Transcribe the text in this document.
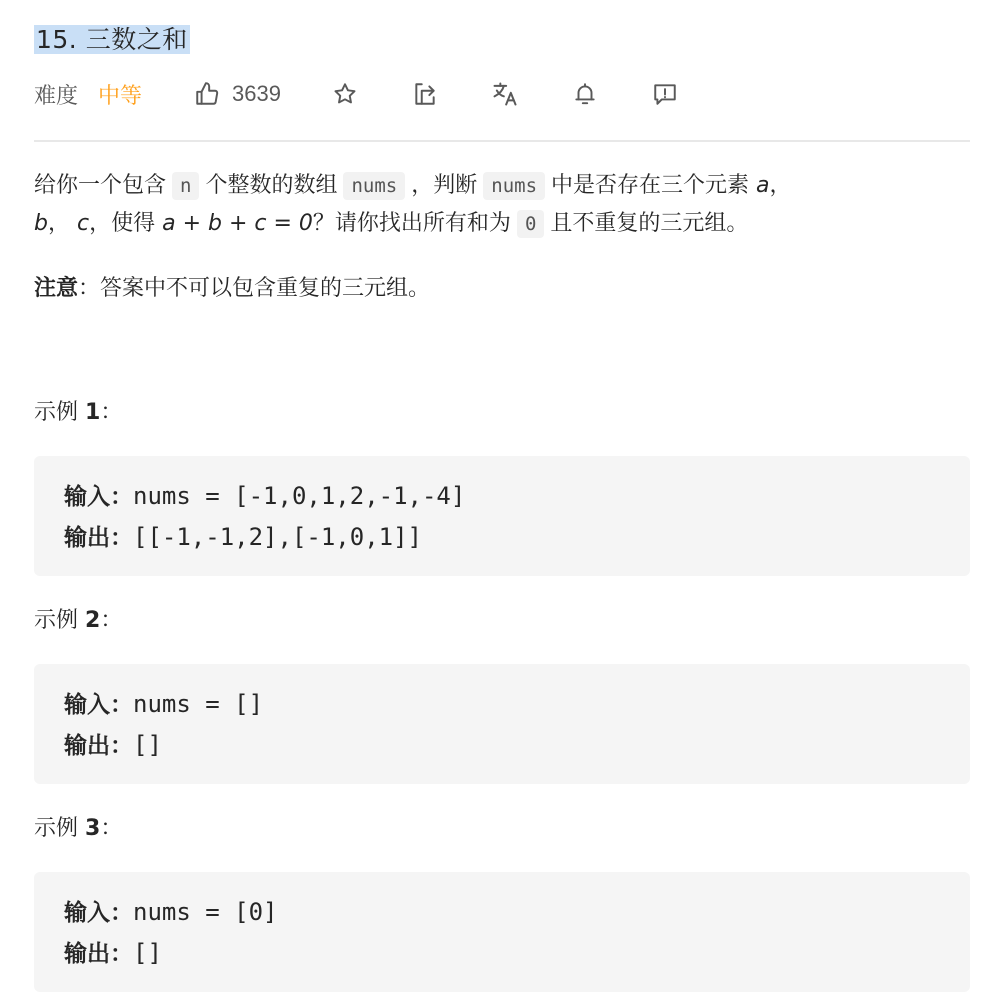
15. 三数之和
难度 中等	3639

给你一个包含 n 个整数的数组 nums ，判断 nums 中是否存在三个元素 a，
b， c，使得 a + b + c = 0？请你找出所有和为 0 且不重复的三元组。

注意：答案中不可以包含重复的三元组。
示例 1：
输入：nums = [-1,0,1,2,-1,-4]
输出：[[-1,-1,2],[-1,0,1]]
示例 2：
输入：nums = []
输出：[]
示例 3：
输入：nums = [0]
输出：[]
